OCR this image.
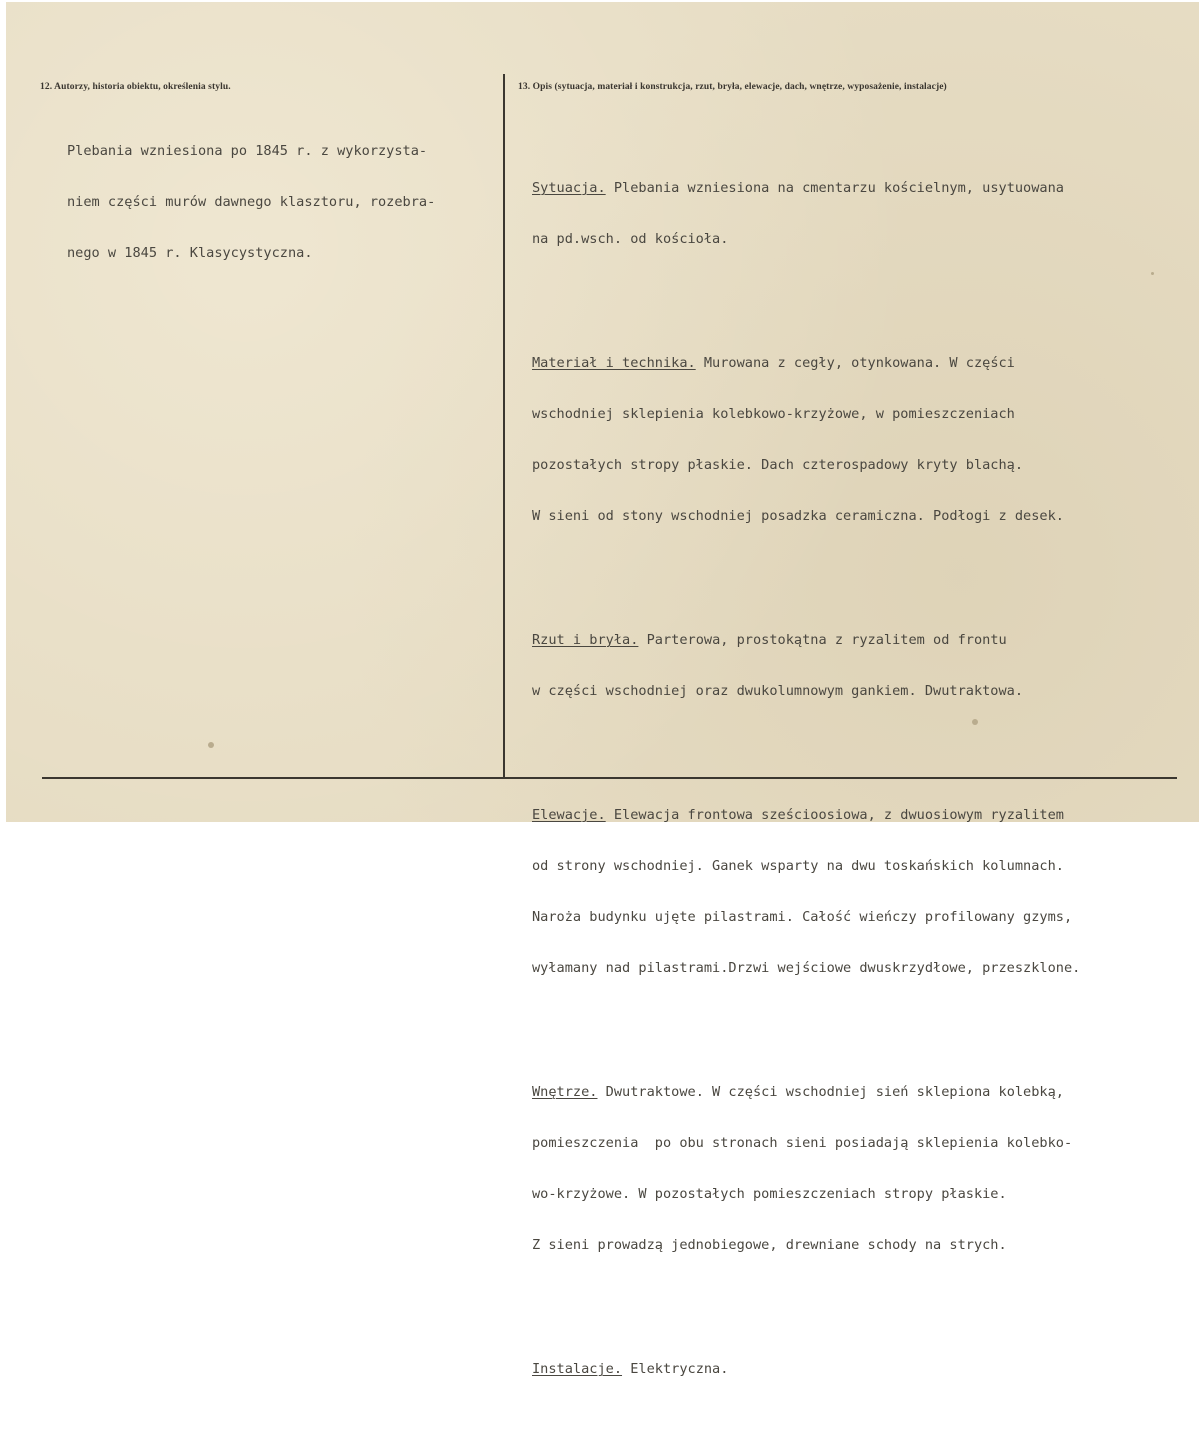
12. Autorzy, historia obiektu, określenia stylu.	13. Opis (sytuacja, materiał i konstrukcja, rzut, bryła, elewacje, dach, wnętrze, wyposażenie, instalacje)

Plebania wzniesiona po 1845 r. z wykorzysta-

niem części murów dawnego klasztoru, rozebra-

nego w 1845 r. Klasycystyczna.

Sytuacja. Plebania wzniesiona na cmentarzu kościelnym, usytuowana

na pd.wsch. od kościoła.

Materiał i technika. Murowana z cegły, otynkowana. W części

wschodniej sklepienia kolebkowo-krzyżowe, w pomieszczeniach

pozostałych stropy płaskie. Dach czterospadowy kryty blachą.

W sieni od stony wschodniej posadzka ceramiczna. Podłogi z desek.

Rzut i bryła. Parterowa, prostokątna z ryzalitem od frontu

w części wschodniej oraz dwukolumnowym gankiem. Dwutraktowa.

Elewacje. Elewacja frontowa sześcioosiowa, z dwuosiowym ryzalitem

od strony wschodniej. Ganek wsparty na dwu toskańskich kolumnach.

Naroża budynku ujęte pilastrami. Całość wieńczy profilowany gzyms,

wyłamany nad pilastrami.Drzwi wejściowe dwuskrzydłowe, przeszklone.

Wnętrze. Dwutraktowe. W części wschodniej sień sklepiona kolebką,

pomieszczenia  po obu stronach sieni posiadają sklepienia kolebko-

wo-krzyżowe. W pozostałych pomieszczeniach stropy płaskie.

Z sieni prowadzą jednobiegowe, drewniane schody na strych.

Instalacje. Elektryczna.
